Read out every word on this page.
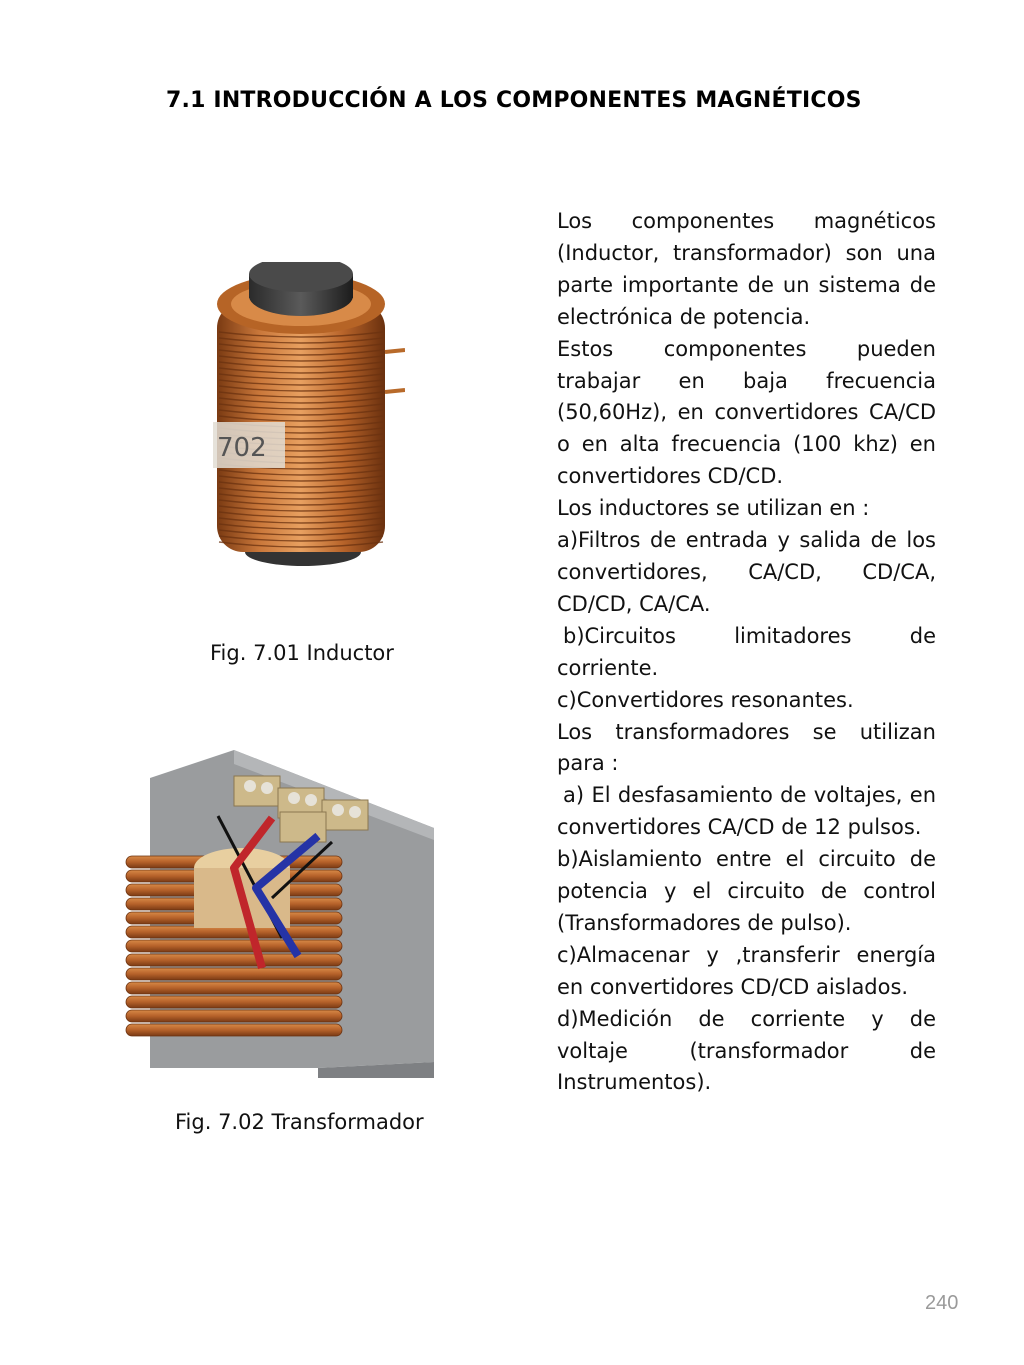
7.1 INTRODUCCIÓN A LOS COMPONENTES MAGNÉTICOS
702
Fig. 7.01 Inductor
Fig. 7.02 Transformador

Los componentes magnéticos (Inductor, transformador) son una parte importante de un sistema de electrónica de potencia.

Estos componentes pueden trabajar en baja frecuencia (50,60Hz), en convertidores CA/CD o en alta frecuencia (100 khz) en convertidores CD/CD.

Los inductores se utilizan en :

a)Filtros de entrada y salida de los convertidores, CA/CD, CD/CA, CD/CD, CA/CA.

b)Circuitos limitadores de corriente.

c)Convertidores resonantes.

Los transformadores se utilizan para :

a) El desfasamiento de voltajes, en convertidores CA/CD de 12 pulsos.

b)Aislamiento entre el circuito de potencia y el circuito de control (Transformadores de pulso).

c)Almacenar y ,transferir energía en convertidores CD/CD aislados.

d)Medición de corriente y de voltaje (transformador de Instrumentos).

240
